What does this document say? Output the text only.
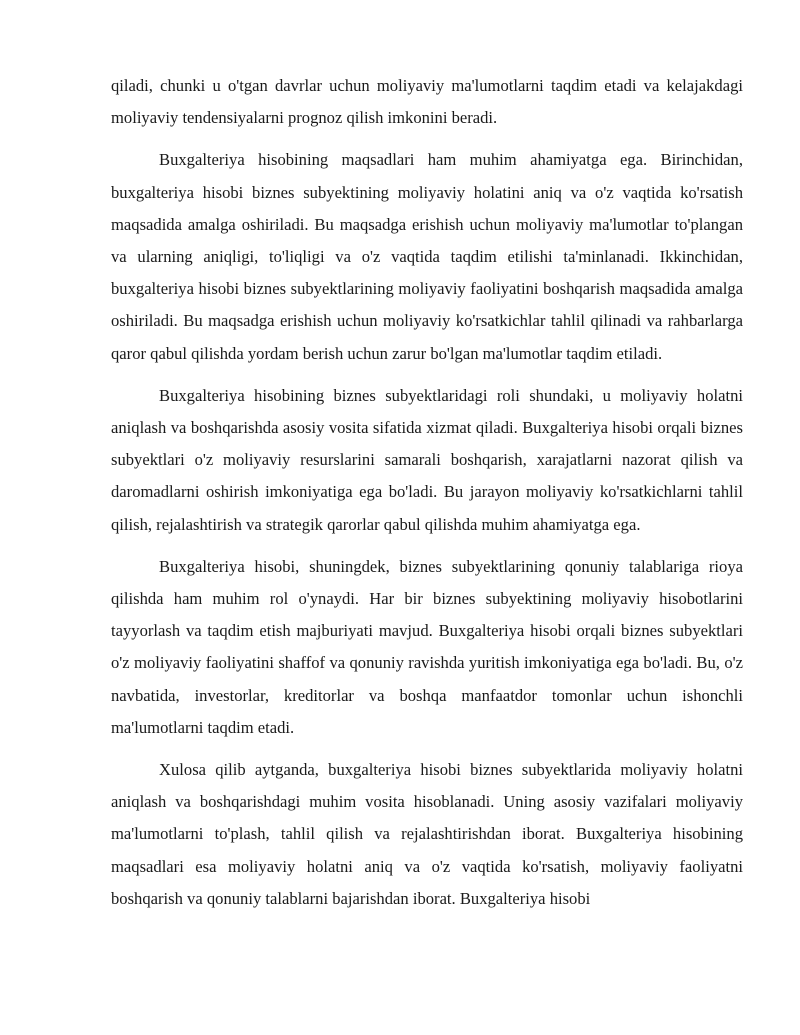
qiladi, chunki u o'tgan davrlar uchun moliyaviy ma'lumotlarni taqdim etadi va kelajakdagi moliyaviy tendensiyalarni prognoz qilish imkonini beradi.

Buxgalteriya hisobining maqsadlari ham muhim ahamiyatga ega. Birinchidan, buxgalteriya hisobi biznes subyektining moliyaviy holatini aniq va o'z vaqtida ko'rsatish maqsadida amalga oshiriladi. Bu maqsadga erishish uchun moliyaviy ma'lumotlar to'plangan va ularning aniqligi, to'liqligi va o'z vaqtida taqdim etilishi ta'minlanadi. Ikkinchidan, buxgalteriya hisobi biznes subyektlarining moliyaviy faoliyatini boshqarish maqsadida amalga oshiriladi. Bu maqsadga erishish uchun moliyaviy ko'rsatkichlar tahlil qilinadi va rahbarlarga qaror qabul qilishda yordam berish uchun zarur bo'lgan ma'lumotlar taqdim etiladi.

Buxgalteriya hisobining biznes subyektlaridagi roli shundaki, u moliyaviy holatni aniqlash va boshqarishda asosiy vosita sifatida xizmat qiladi. Buxgalteriya hisobi orqali biznes subyektlari o'z moliyaviy resurslarini samarali boshqarish, xarajatlarni nazorat qilish va daromadlarni oshirish imkoniyatiga ega bo'ladi. Bu jarayon moliyaviy ko'rsatkichlarni tahlil qilish, rejalashtirish va strategik qarorlar qabul qilishda muhim ahamiyatga ega.

Buxgalteriya hisobi, shuningdek, biznes subyektlarining qonuniy talablariga rioya qilishda ham muhim rol o'ynaydi. Har bir biznes subyektining moliyaviy hisobotlarini tayyorlash va taqdim etish majburiyati mavjud. Buxgalteriya hisobi orqali biznes subyektlari o'z moliyaviy faoliyatini shaffof va qonuniy ravishda yuritish imkoniyatiga ega bo'ladi. Bu, o'z navbatida, investorlar, kreditorlar va boshqa manfaatdor tomonlar uchun ishonchli ma'lumotlarni taqdim etadi.

Xulosa qilib aytganda, buxgalteriya hisobi biznes subyektlarida moliyaviy holatni aniqlash va boshqarishdagi muhim vosita hisoblanadi. Uning asosiy vazifalari moliyaviy ma'lumotlarni to'plash, tahlil qilish va rejalashtirishdan iborat. Buxgalteriya hisobining maqsadlari esa moliyaviy holatni aniq va o'z vaqtida ko'rsatish, moliyaviy faoliyatni boshqarish va qonuniy talablarni bajarishdan iborat. Buxgalteriya hisobi
